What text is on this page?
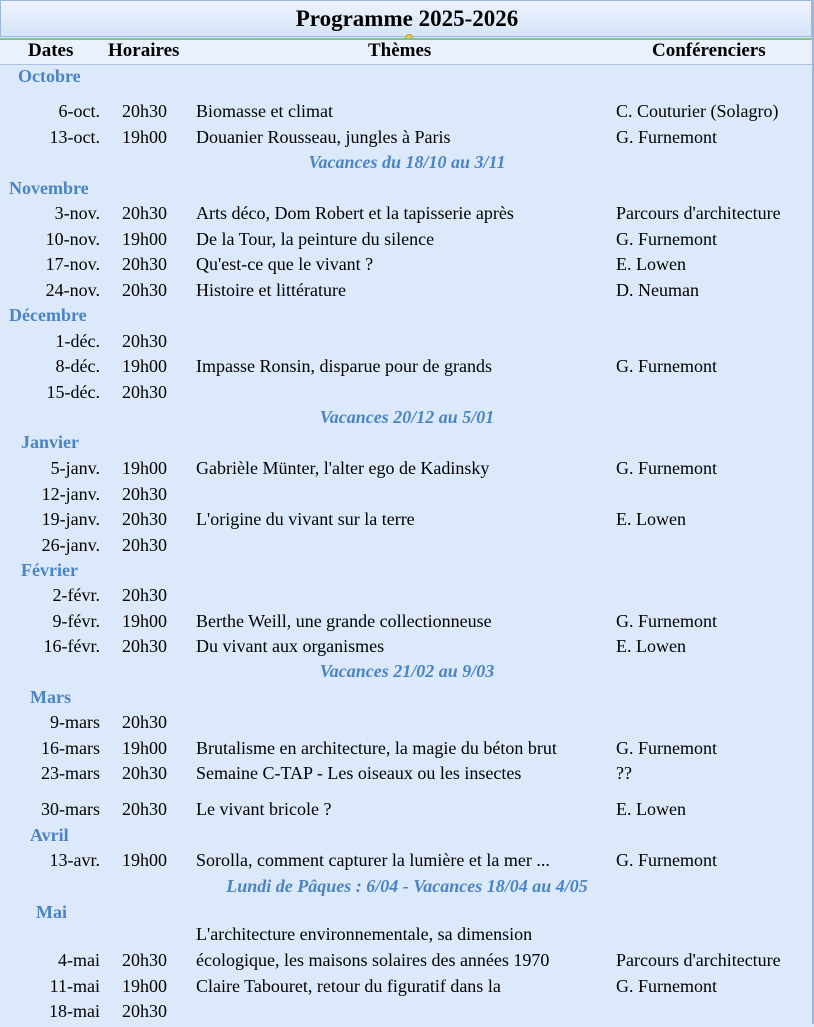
Programme 2025-2026
Dates Horaires	Thèmes	Conférenciers
Octobre
Novembre
Décembre
Janvier
Février
Mars
Avril
Mai
Vacances du 18/10 au 3/11
Vacances 20/12 au 5/01
Vacances 21/02 au 9/03
Lundi de Pâques : 6/04 - Vacances 18/04 au 4/05
6-oct. 20h30 Biomasse et climat	C. Couturier (Solagro)
13-oct. 19h00 Douanier Rousseau, jungles à Paris	G. Furnemont
3-nov. 20h30 Arts déco, Dom Robert et la tapisserie après	Parcours d'architecture
10-nov. 19h00 De la Tour, la peinture du silence	G. Furnemont
17-nov. 20h30 Qu'est-ce que le vivant ?	E. Lowen
24-nov. 20h30 Histoire et littérature	D. Neuman
1-déc. 20h30
8-déc. 19h00 Impasse Ronsin, disparue pour de grands	G. Furnemont
15-déc. 20h30
5-janv. 19h00 Gabrièle Münter, l'alter ego de Kadinsky	G. Furnemont
12-janv. 20h30
19-janv. 20h30 L'origine du vivant sur la terre	E. Lowen
26-janv. 20h30
2-févr. 20h30
9-févr. 19h00 Berthe Weill, une grande collectionneuse	G. Furnemont
16-févr. 20h30 Du vivant aux organismes	E. Lowen
9-mars 20h30
16-mars 19h00 Brutalisme en architecture, la magie du béton brut	G. Furnemont
23-mars 20h30 Semaine C-TAP - Les oiseaux ou les insectes	??
30-mars 20h30 Le vivant bricole ?	E. Lowen
13-avr. 19h00 Sorolla, comment capturer la lumière et la mer ...	G. Furnemont
L'architecture environnementale, sa dimension
4-mai 20h30 écologique, les maisons solaires des années 1970	Parcours d'architecture
11-mai 19h00 Claire Tabouret, retour du figuratif dans la	G. Furnemont
18-mai 20h30
